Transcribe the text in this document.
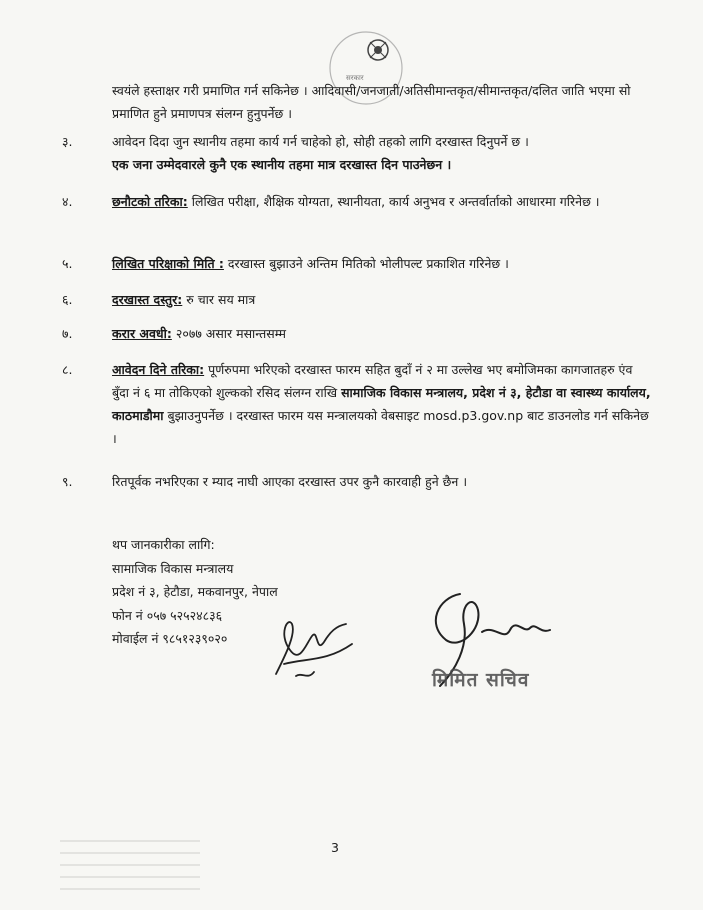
सरकार
स्वयंले हस्ताक्षर गरी प्रमाणित गर्न सकिनेछ । आदिवासी/जनजाती/अतिसीमान्तकृत/सीमान्तकृत/दलित जाति भएमा सो प्रमाणित हुने प्रमाणपत्र संलग्न हुनुपर्नेछ ।
३.	आवेदन दिदा जुन स्थानीय तहमा कार्य गर्न चाहेको हो, सोही तहको लागि दरखास्त दिनुपर्ने छ ।
एक जना उम्मेदवारले कुनै एक स्थानीय तहमा मात्र दरखास्त दिन पाउनेछन ।
४.	छनौटको तरिका: लिखित परीक्षा, शैक्षिक योग्यता, स्थानीयता, कार्य अनुभव र अन्तर्वार्ताको आधारमा गरिनेछ ।
५.	लिखित परिक्षाको मिति : दरखास्त बुझाउने अन्तिम मितिको भोलीपल्ट प्रकाशित गरिनेछ ।
६.	दरखास्त दस्तुर: रु चार सय मात्र
७.	करार अवधी: २०७७ असार मसान्तसम्म
८.	आवेदन दिने तरिका: पूर्णरुपमा भरिएको दरखास्त फारम सहित बुदाँ नं २ मा उल्लेख भए बमोजिमका कागजातहरु एंव बुँदा नं ६ मा तोकिएको शुल्कको रसिद संलग्न राखि सामाजिक विकास मन्त्रालय, प्रदेश नं ३, हेटौडा वा स्वास्थ्य कार्यालय, काठमाडौमा बुझाउनुपर्नेछ । दरखास्त फारम यस मन्त्रालयको वेबसाइट mosd.p3.gov.np बाट डाउनलोड गर्न सकिनेछ ।
९.	रितपूर्वक नभरिएका र म्याद नाघी आएका दरखास्त उपर कुनै कारवाही हुने छैन ।
थप जानकारीका लागि:
सामाजिक विकास मन्त्रालय
प्रदेश नं ३, हेटौडा, मकवानपुर, नेपाल
फोन नं ०५७ ५२५२४८३६
मोवाईल नं ९८५१२३९०२०
मिमित सचिव
3
